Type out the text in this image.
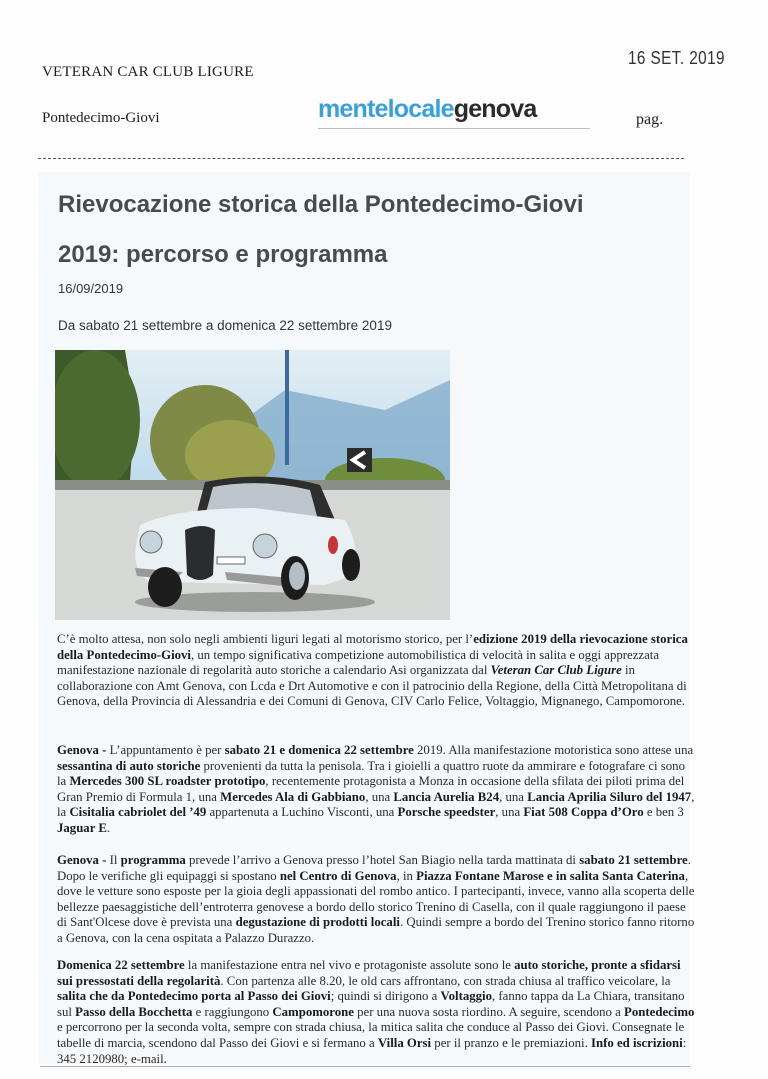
VETERAN CAR CLUB LIGURE
Pontedecimo-Giovi
16 SET. 2019
pag.
mentelocalegenova
Rievocazione storica della Pontedecimo-Giovi
2019: percorso e programma
16/09/2019
Da sabato 21 settembre a domenica 22 settembre 2019
C’è molto attesa, non solo negli ambienti liguri legati al motorismo storico, per l’edizione 2019 della rievocazione storica della Pontedecimo-Giovi, un tempo significativa competizione automobilistica di velocità in salita e oggi apprezzata manifestazione nazionale di regolarità auto storiche a calendario Asi organizzata dal Veteran Car Club Ligure in collaborazione con Amt Genova, con Lcda e Drt Automotive e con il patrocinio della Regione, della Città Metropolitana di Genova, della Provincia di Alessandria e dei Comuni di Genova, CIV Carlo Felice, Voltaggio, Mignanego, Campomorone.
Genova - L’appuntamento è per sabato 21 e domenica 22 settembre 2019. Alla manifestazione motoristica sono attese una sessantina di auto storiche provenienti da tutta la penisola. Tra i gioielli a quattro ruote da ammirare e fotografare ci sono la Mercedes 300 SL roadster prototipo, recentemente protagonista a Monza in occasione della sfilata dei piloti prima del Gran Premio di Formula 1, una Mercedes Ala di Gabbiano, una Lancia Aurelia B24, una Lancia Aprilia Siluro del 1947, la Cisitalia cabriolet del ’49 appartenuta a Luchino Visconti, una Porsche speedster, una Fiat 508 Coppa d’Oro e ben 3 Jaguar E.
Genova - Il programma prevede l’arrivo a Genova presso l’hotel San Biagio nella tarda mattinata di sabato 21 settembre. Dopo le verifiche gli equipaggi si spostano nel Centro di Genova, in Piazza Fontane Marose e in salita Santa Caterina, dove le vetture sono esposte per la gioia degli appassionati del rombo antico. I partecipanti, invece, vanno alla scoperta delle bellezze paesaggistiche dell’entroterra genovese a bordo dello storico Trenino di Casella, con il quale raggiungono il paese di Sant'Olcese dove è prevista una degustazione di prodotti locali. Quindi sempre a bordo del Trenino storico fanno ritorno a Genova, con la cena ospitata a Palazzo Durazzo.
Domenica 22 settembre la manifestazione entra nel vivo e protagoniste assolute sono le auto storiche, pronte a sfidarsi sui pressostati della regolarità. Con partenza alle 8.20, le old cars affrontano, con strada chiusa al traffico veicolare, la salita che da Pontedecimo porta al Passo dei Giovi; quindi si dirigono a Voltaggio, fanno tappa da La Chiara, transitano sul Passo della Bocchetta e raggiungono Campomorone per una nuova sosta riordino. A seguire, scendono a Pontedecimo e percorrono per la seconda volta, sempre con strada chiusa, la mitica salita che conduce al Passo dei Giovi. Consegnate le tabelle di marcia, scendono dal Passo dei Giovi e si fermano a Villa Orsi per il pranzo e le premiazioni. Info ed iscrizioni: 345 2120980; e-mail.
